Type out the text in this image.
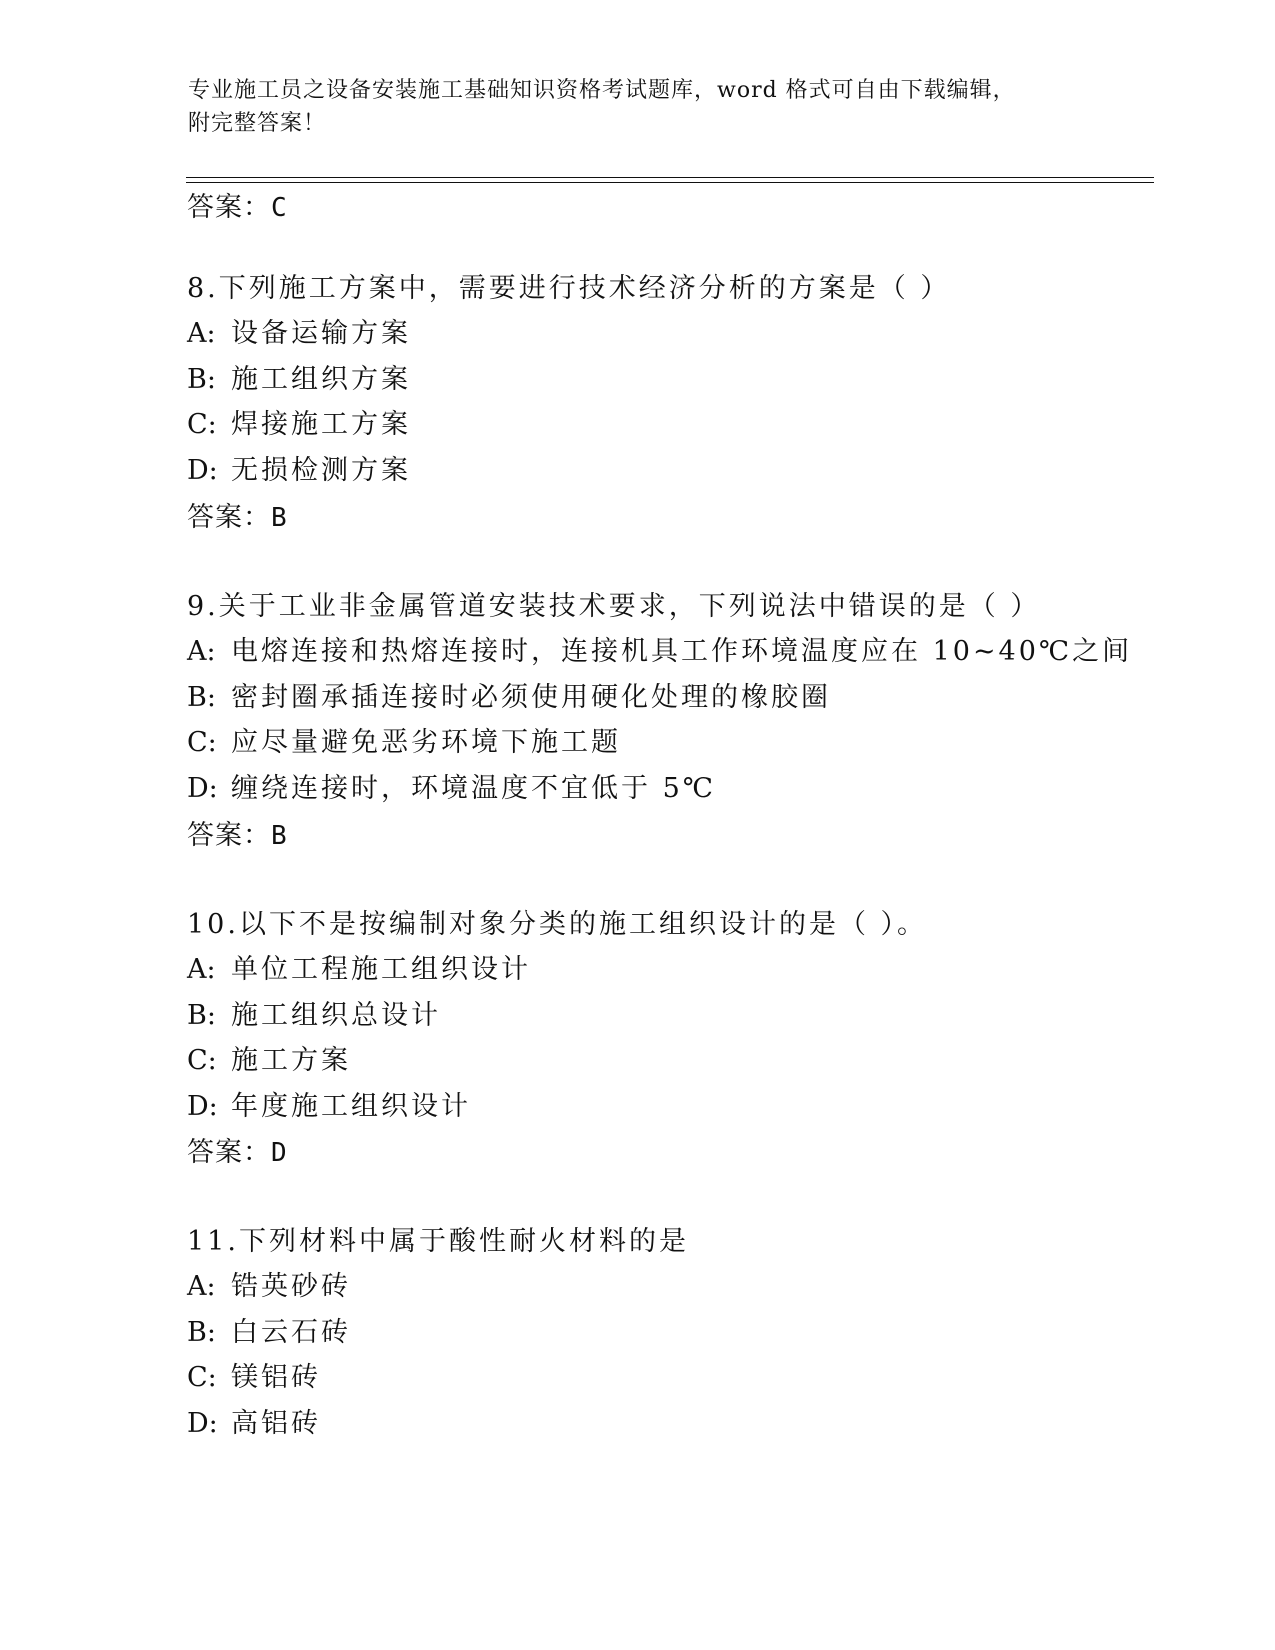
专业施工员之设备安装施工基础知识资格考试题库，word 格式可自由下载编辑，
附完整答案！
答案：C
8.下列施工方案中，需要进行技术经济分析的方案是（ ）
A: 设备运输方案
B: 施工组织方案
C: 焊接施工方案
D: 无损检测方案
答案：B
9.关于工业非金属管道安装技术要求，下列说法中错误的是（ ）
A: 电熔连接和热熔连接时，连接机具工作环境温度应在 10~40℃之间
B: 密封圈承插连接时必须使用硬化处理的橡胶圈
C: 应尽量避免恶劣环境下施工题
D: 缠绕连接时，环境温度不宜低于 5℃
答案：B
10.以下不是按编制对象分类的施工组织设计的是（ ）。
A: 单位工程施工组织设计
B: 施工组织总设计
C: 施工方案
D: 年度施工组织设计
答案：D
11.下列材料中属于酸性耐火材料的是
A: 锆英砂砖
B: 白云石砖
C: 镁铝砖
D: 高铝砖
